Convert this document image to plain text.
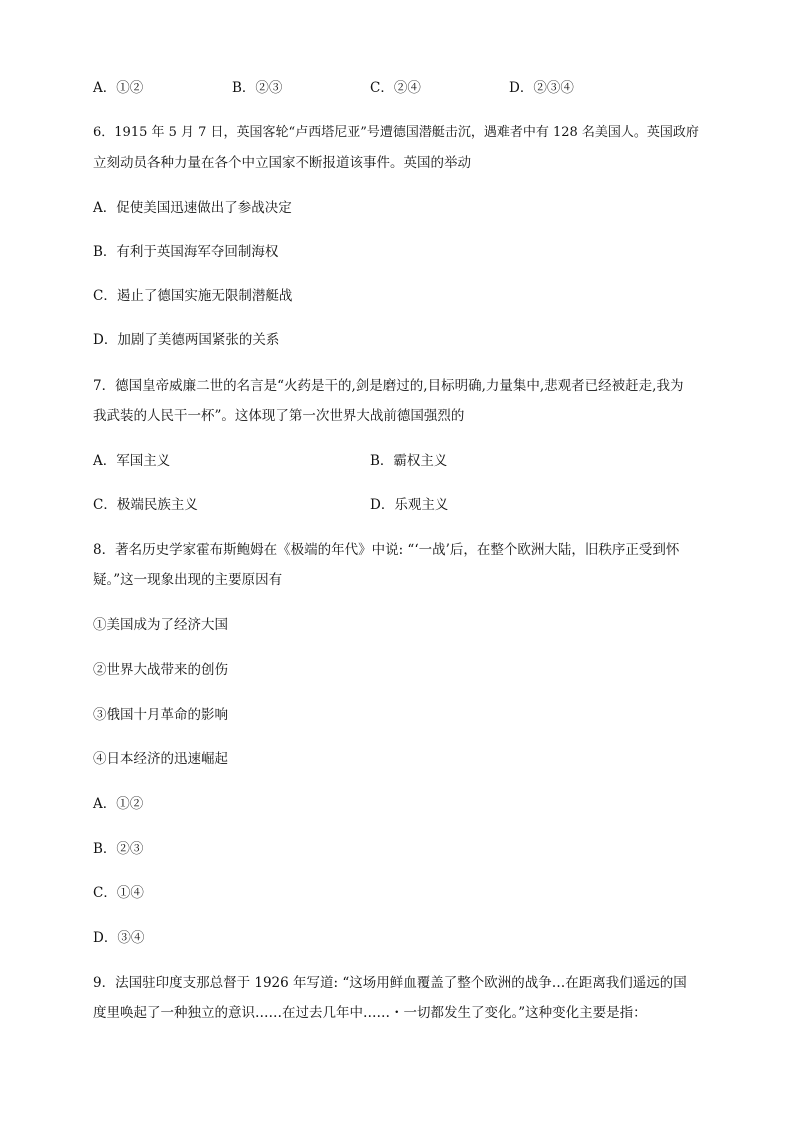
A．①②	B．②③	C．②④	D．②③④
6．1915 年 5 月 7 日，英国客轮“卢西塔尼亚”号遭德国潜艇击沉，遇难者中有 128 名美国人。英国政府
立刻动员各种力量在各个中立国家不断报道该事件。英国的举动
A．促使美国迅速做出了参战决定
B．有利于英国海军夺回制海权
C．遏止了德国实施无限制潜艇战
D．加剧了美德两国紧张的关系
7．德国皇帝威廉二世的名言是“火药是干的,剑是磨过的,目标明确,力量集中,悲观者已经被赶走,我为
我武装的人民干一杯”。这体现了第一次世界大战前德国强烈的
A．军国主义	B．霸权主义
C．极端民族主义	D．乐观主义
8．著名历史学家霍布斯鲍姆在《极端的年代》中说: “‘一战’后，在整个欧洲大陆，旧秩序正受到怀
疑。”这一现象出现的主要原因有
①美国成为了经济大国
②世界大战带来的创伤
③俄国十月革命的影响
④日本经济的迅速崛起
A．①②
B．②③
C．①④
D．③④
9．法国驻印度支那总督于 1926 年写道: “这场用鲜血覆盖了整个欧洲的战争…在距离我们遥远的国
度里唤起了一种独立的意识……在过去几年中……・一切都发生了变化。”这种变化主要是指：
